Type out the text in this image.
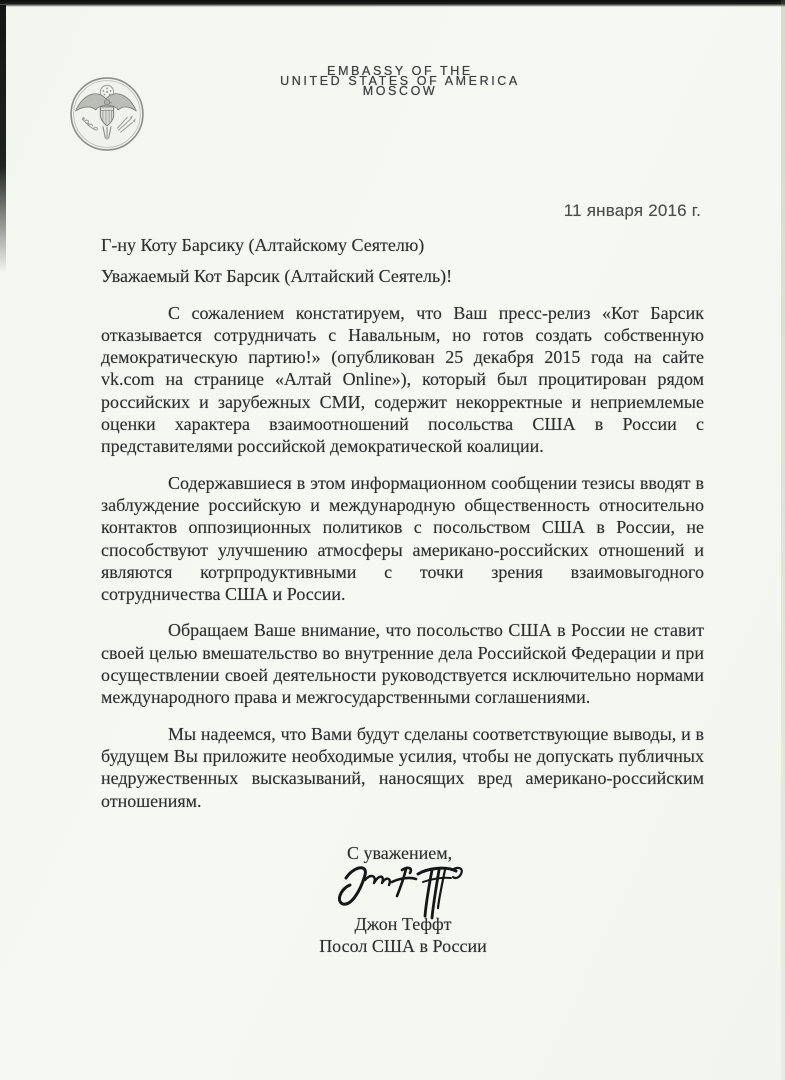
EMBASSY OF THE
UNITED STATES OF AMERICA
MOSCOW
11 января 2016 г.

Г-ну Коту Барсику (Алтайскому Сеятелю)

Уважаемый Кот Барсик (Алтайский Сеятель)!

С сожалением констатируем, что Ваш пресс-релиз «Кот Барсик отказывается сотрудничать с Навальным, но готов создать собственную демократическую партию!» (опубликован 25 декабря 2015 года на сайте vk.com на странице «Алтай Online»), который был процитирован рядом российских и зарубежных СМИ, содержит некорректные и неприемлемые оценки характера взаимоотношений посольства США в России с представителями российской демократической коалиции.

Содержавшиеся в этом информационном сообщении тезисы вводят в заблуждение российскую и международную общественность относительно контактов оппозиционных политиков с посольством США в России, не способствуют улучшению атмосферы американо-российских отношений и являются котрпродуктивными с точки зрения взаимовыгодного сотрудничества США и России.

Обращаем Ваше внимание, что посольство США в России не ставит своей целью вмешательство во внутренние дела Российской Федерации и при осуществлении своей деятельности руководствуется исключительно нормами международного права и межгосударственными соглашениями.

Мы надеемся, что Вами будут сделаны соответствующие выводы, и в будущем Вы приложите необходимые усилия, чтобы не допускать публичных недружественных высказываний, наносящих вред американо-российским отношениям.

С уважением,
Джон Теффт
Посол США в России
